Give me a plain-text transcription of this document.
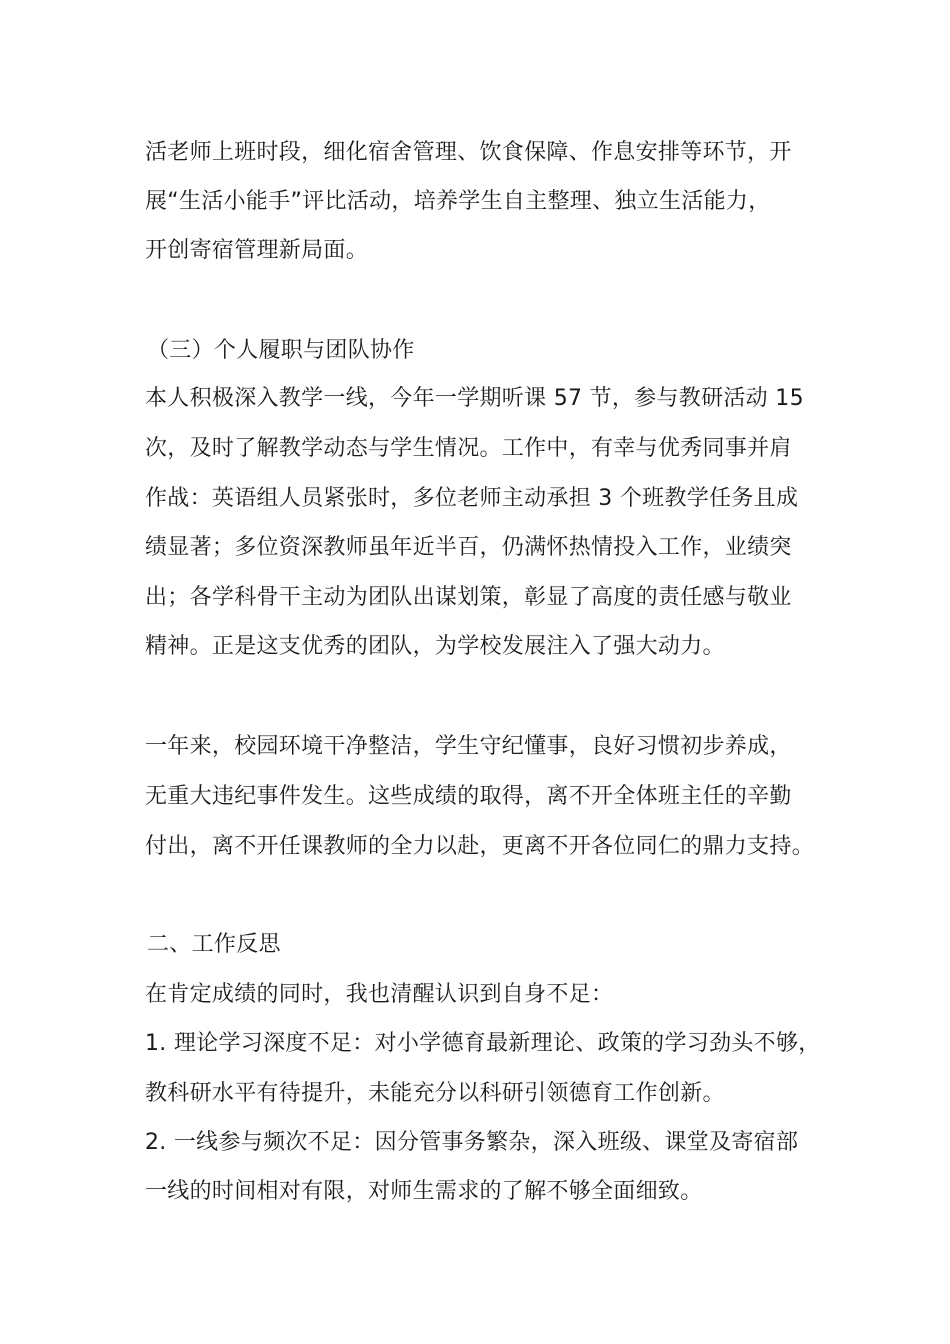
活老师上班时段，细化宿舍管理、饮食保障、作息安排等环节，开
展“生活小能手”评比活动，培养学生自主整理、独立生活能力，
开创寄宿管理新局面。
（三）个人履职与团队协作
本人积极深入教学一线，今年一学期听课 57 节，参与教研活动 15
次，及时了解教学动态与学生情况。工作中，有幸与优秀同事并肩
作战：英语组人员紧张时，多位老师主动承担 3 个班教学任务且成
绩显著；多位资深教师虽年近半百，仍满怀热情投入工作，业绩突
出；各学科骨干主动为团队出谋划策，彰显了高度的责任感与敬业
精神。正是这支优秀的团队，为学校发展注入了强大动力。
一年来，校园环境干净整洁，学生守纪懂事，良好习惯初步养成，
无重大违纪事件发生。这些成绩的取得，离不开全体班主任的辛勤
付出，离不开任课教师的全力以赴，更离不开各位同仁的鼎力支持。
二、工作反思
在肯定成绩的同时，我也清醒认识到自身不足：
1. 理论学习深度不足：对小学德育最新理论、政策的学习劲头不够，
教科研水平有待提升，未能充分以科研引领德育工作创新。
2. 一线参与频次不足：因分管事务繁杂，深入班级、课堂及寄宿部
一线的时间相对有限，对师生需求的了解不够全面细致。
